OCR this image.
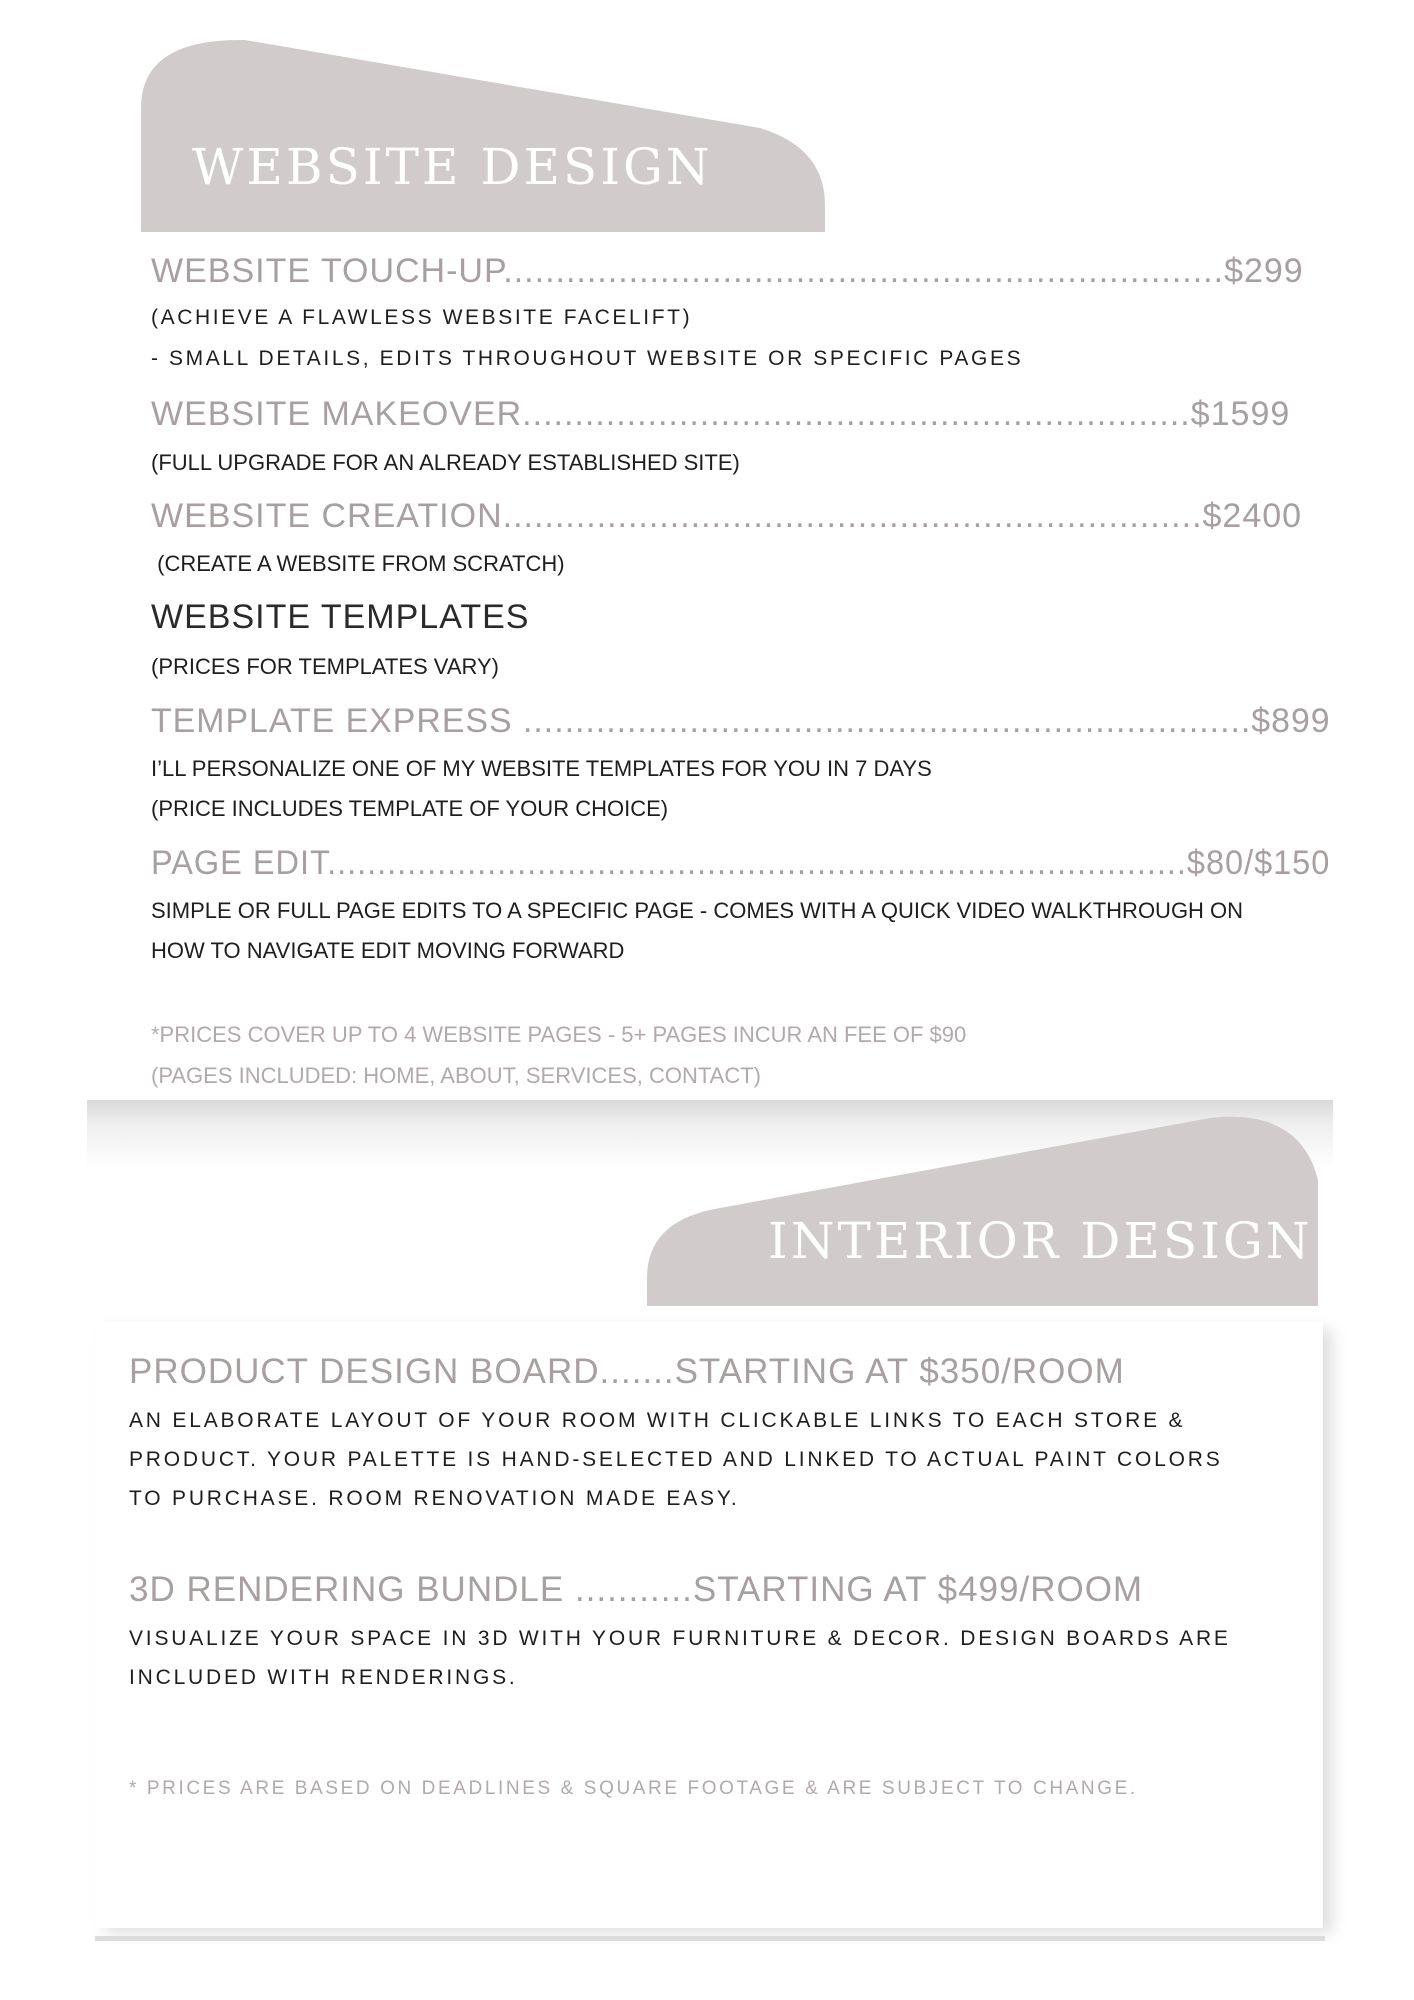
WEBSITE DESIGN
INTERIOR DESIGN
WEBSITE TOUCH-UP.....................................................................$299
(ACHIEVE A FLAWLESS WEBSITE FACELIFT)
- SMALL DETAILS, EDITS THROUGHOUT WEBSITE OR SPECIFIC PAGES
WEBSITE MAKEOVER................................................................$1599
(FULL UPGRADE FOR AN ALREADY ESTABLISHED SITE)
WEBSITE CREATION...................................................................$2400
(CREATE A WEBSITE FROM SCRATCH)
WEBSITE TEMPLATES
(PRICES FOR TEMPLATES VARY)
TEMPLATE EXPRESS ......................................................................$899
I’LL PERSONALIZE ONE OF MY WEBSITE TEMPLATES FOR YOU IN 7 DAYS
(PRICE INCLUDES TEMPLATE OF YOUR CHOICE)
PAGE EDIT......................................................................................$80/$150
SIMPLE OR FULL PAGE EDITS TO A SPECIFIC PAGE - COMES WITH A QUICK VIDEO WALKTHROUGH ON
HOW TO NAVIGATE EDIT MOVING FORWARD
*PRICES COVER UP TO 4 WEBSITE PAGES - 5+ PAGES INCUR AN FEE OF $90
(PAGES INCLUDED: HOME, ABOUT, SERVICES, CONTACT)
PRODUCT DESIGN BOARD.......STARTING AT $350/ROOM
AN ELABORATE LAYOUT OF YOUR ROOM WITH CLICKABLE LINKS TO EACH STORE &
PRODUCT. YOUR PALETTE IS HAND-SELECTED AND LINKED TO ACTUAL PAINT COLORS
TO PURCHASE. ROOM RENOVATION MADE EASY.
3D RENDERING BUNDLE ...........STARTING AT $499/ROOM
VISUALIZE YOUR SPACE IN 3D WITH YOUR FURNITURE & DECOR. DESIGN BOARDS ARE
INCLUDED WITH RENDERINGS.
* PRICES ARE BASED ON DEADLINES & SQUARE FOOTAGE & ARE SUBJECT TO CHANGE.
